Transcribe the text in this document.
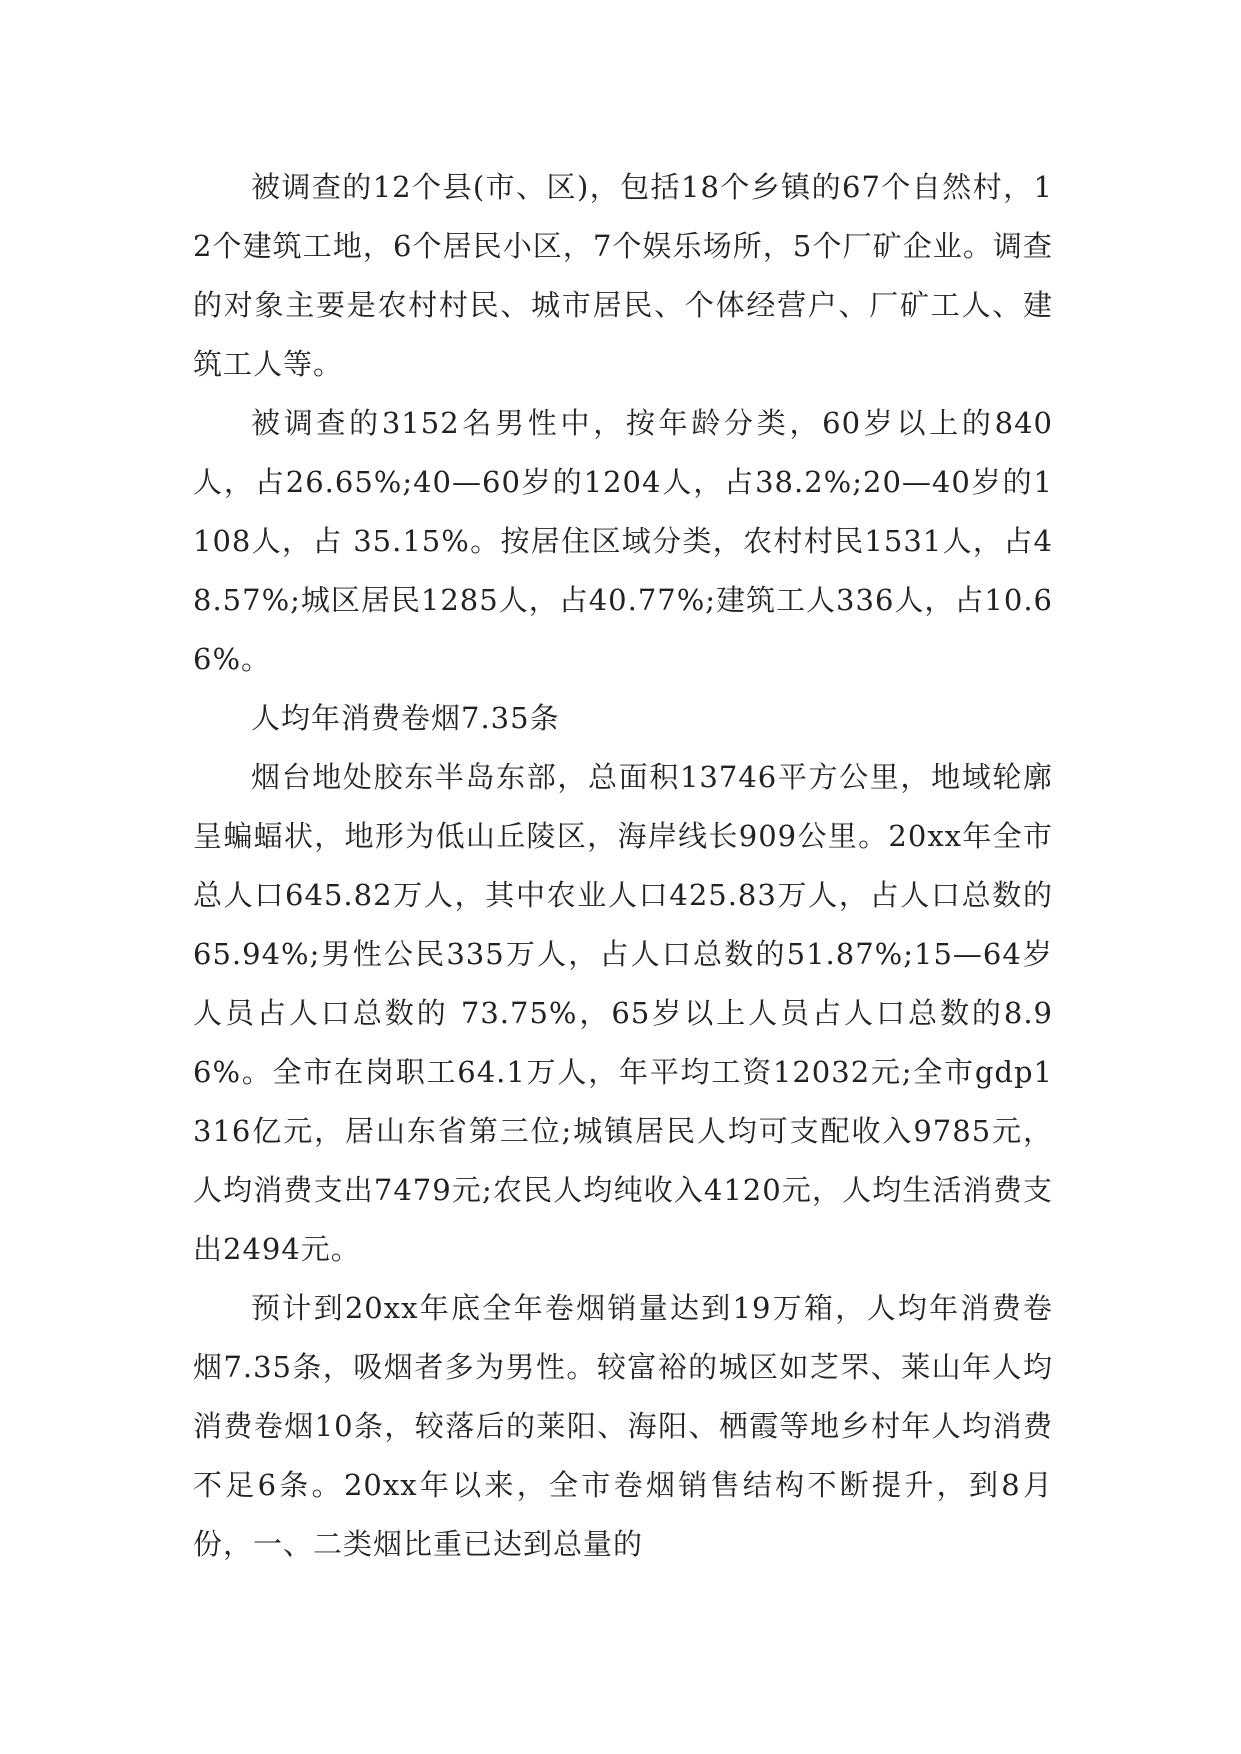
被调查的12个县(市、区)，包括18个乡镇的67个自然村，12个建筑工地，6个居民小区，7个娱乐场所，5个厂矿企业。调查的对象主要是农村村民、城市居民、个体经营户、厂矿工人、建筑工人等。

被调查的3152名男性中，按年龄分类，60岁以上的840人，占26.65%;40—60岁的1204人，占38.2%;20—40岁的1108人，占 35.15%。按居住区域分类，农村村民1531人，占48.57%;城区居民1285人，占40.77%;建筑工人336人，占10.66%。

人均年消费卷烟7.35条

烟台地处胶东半岛东部，总面积13746平方公里，地域轮廓呈蝙蝠状，地形为低山丘陵区，海岸线长909公里。20xx年全市总人口645.82万人，其中农业人口425.83万人，占人口总数的65.94%;男性公民335万人，占人口总数的51.87%;15—64岁人员占人口总数的 73.75%，65岁以上人员占人口总数的8.96%。全市在岗职工64.1万人，年平均工资12032元;全市gdp1316亿元，居山东省第三位;城镇居民人均可支配收入9785元，人均消费支出7479元;农民人均纯收入4120元，人均生活消费支出2494元。

预计到20xx年底全年卷烟销量达到19万箱，人均年消费卷烟7.35条，吸烟者多为男性。较富裕的城区如芝罘、莱山年人均消费卷烟10条，较落后的莱阳、海阳、栖霞等地乡村年人均消费不足6条。20xx年以来，全市卷烟销售结构不断提升，到8月份，一、二类烟比重已达到总量的
